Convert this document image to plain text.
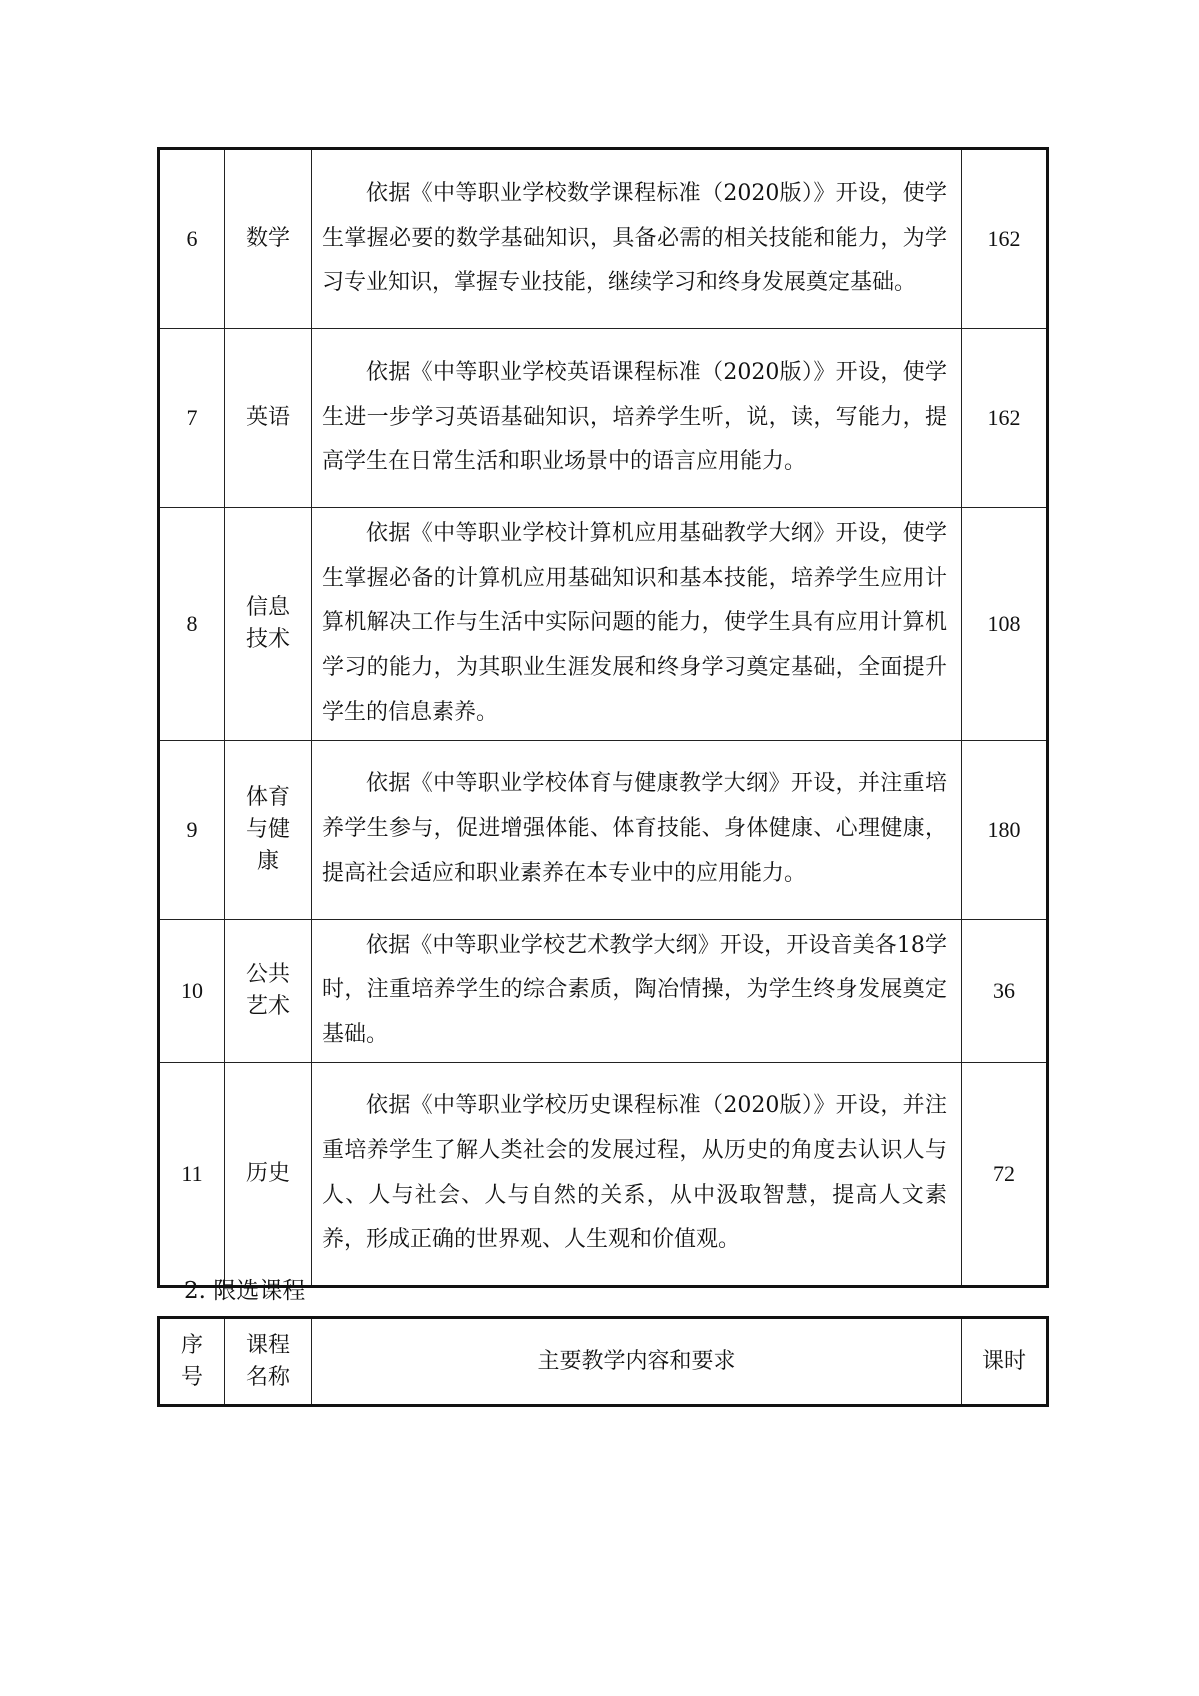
6	数学	依据《中等职业学校数学课程标准（2020版）》开设，使学生掌握必要的数学基础知识，具备必需的相关技能和能力，为学习专业知识，掌握专业技能，继续学习和终身发展奠定基础。	162
7	英语	依据《中等职业学校英语课程标准（2020版）》开设，使学生进一步学习英语基础知识，培养学生听，说，读，写能力，提高学生在日常生活和职业场景中的语言应用能力。	162
8	信息技术	依据《中等职业学校计算机应用基础教学大纲》开设，使学生掌握必备的计算机应用基础知识和基本技能，培养学生应用计算机解决工作与生活中实际问题的能力，使学生具有应用计算机学习的能力，为其职业生涯发展和终身学习奠定基础，全面提升学生的信息素养。	108
9	体育与健康	依据《中等职业学校体育与健康教学大纲》开设，并注重培养学生参与，促进增强体能、体育技能、身体健康、心理健康，提高社会适应和职业素养在本专业中的应用能力。	180
10	公共艺术	依据《中等职业学校艺术教学大纲》开设，开设音美各18学时，注重培养学生的综合素质，陶冶情操，为学生终身发展奠定基础。	36
11	历史	依据《中等职业学校历史课程标准（2020版）》开设，并注重培养学生了解人类社会的发展过程，从历史的角度去认识人与人、人与社会、人与自然的关系，从中汲取智慧，提高人文素养，形成正确的世界观、人生观和价值观。	72
2. 限选课程
序号	课程名称	主要教学内容和要求	课时
